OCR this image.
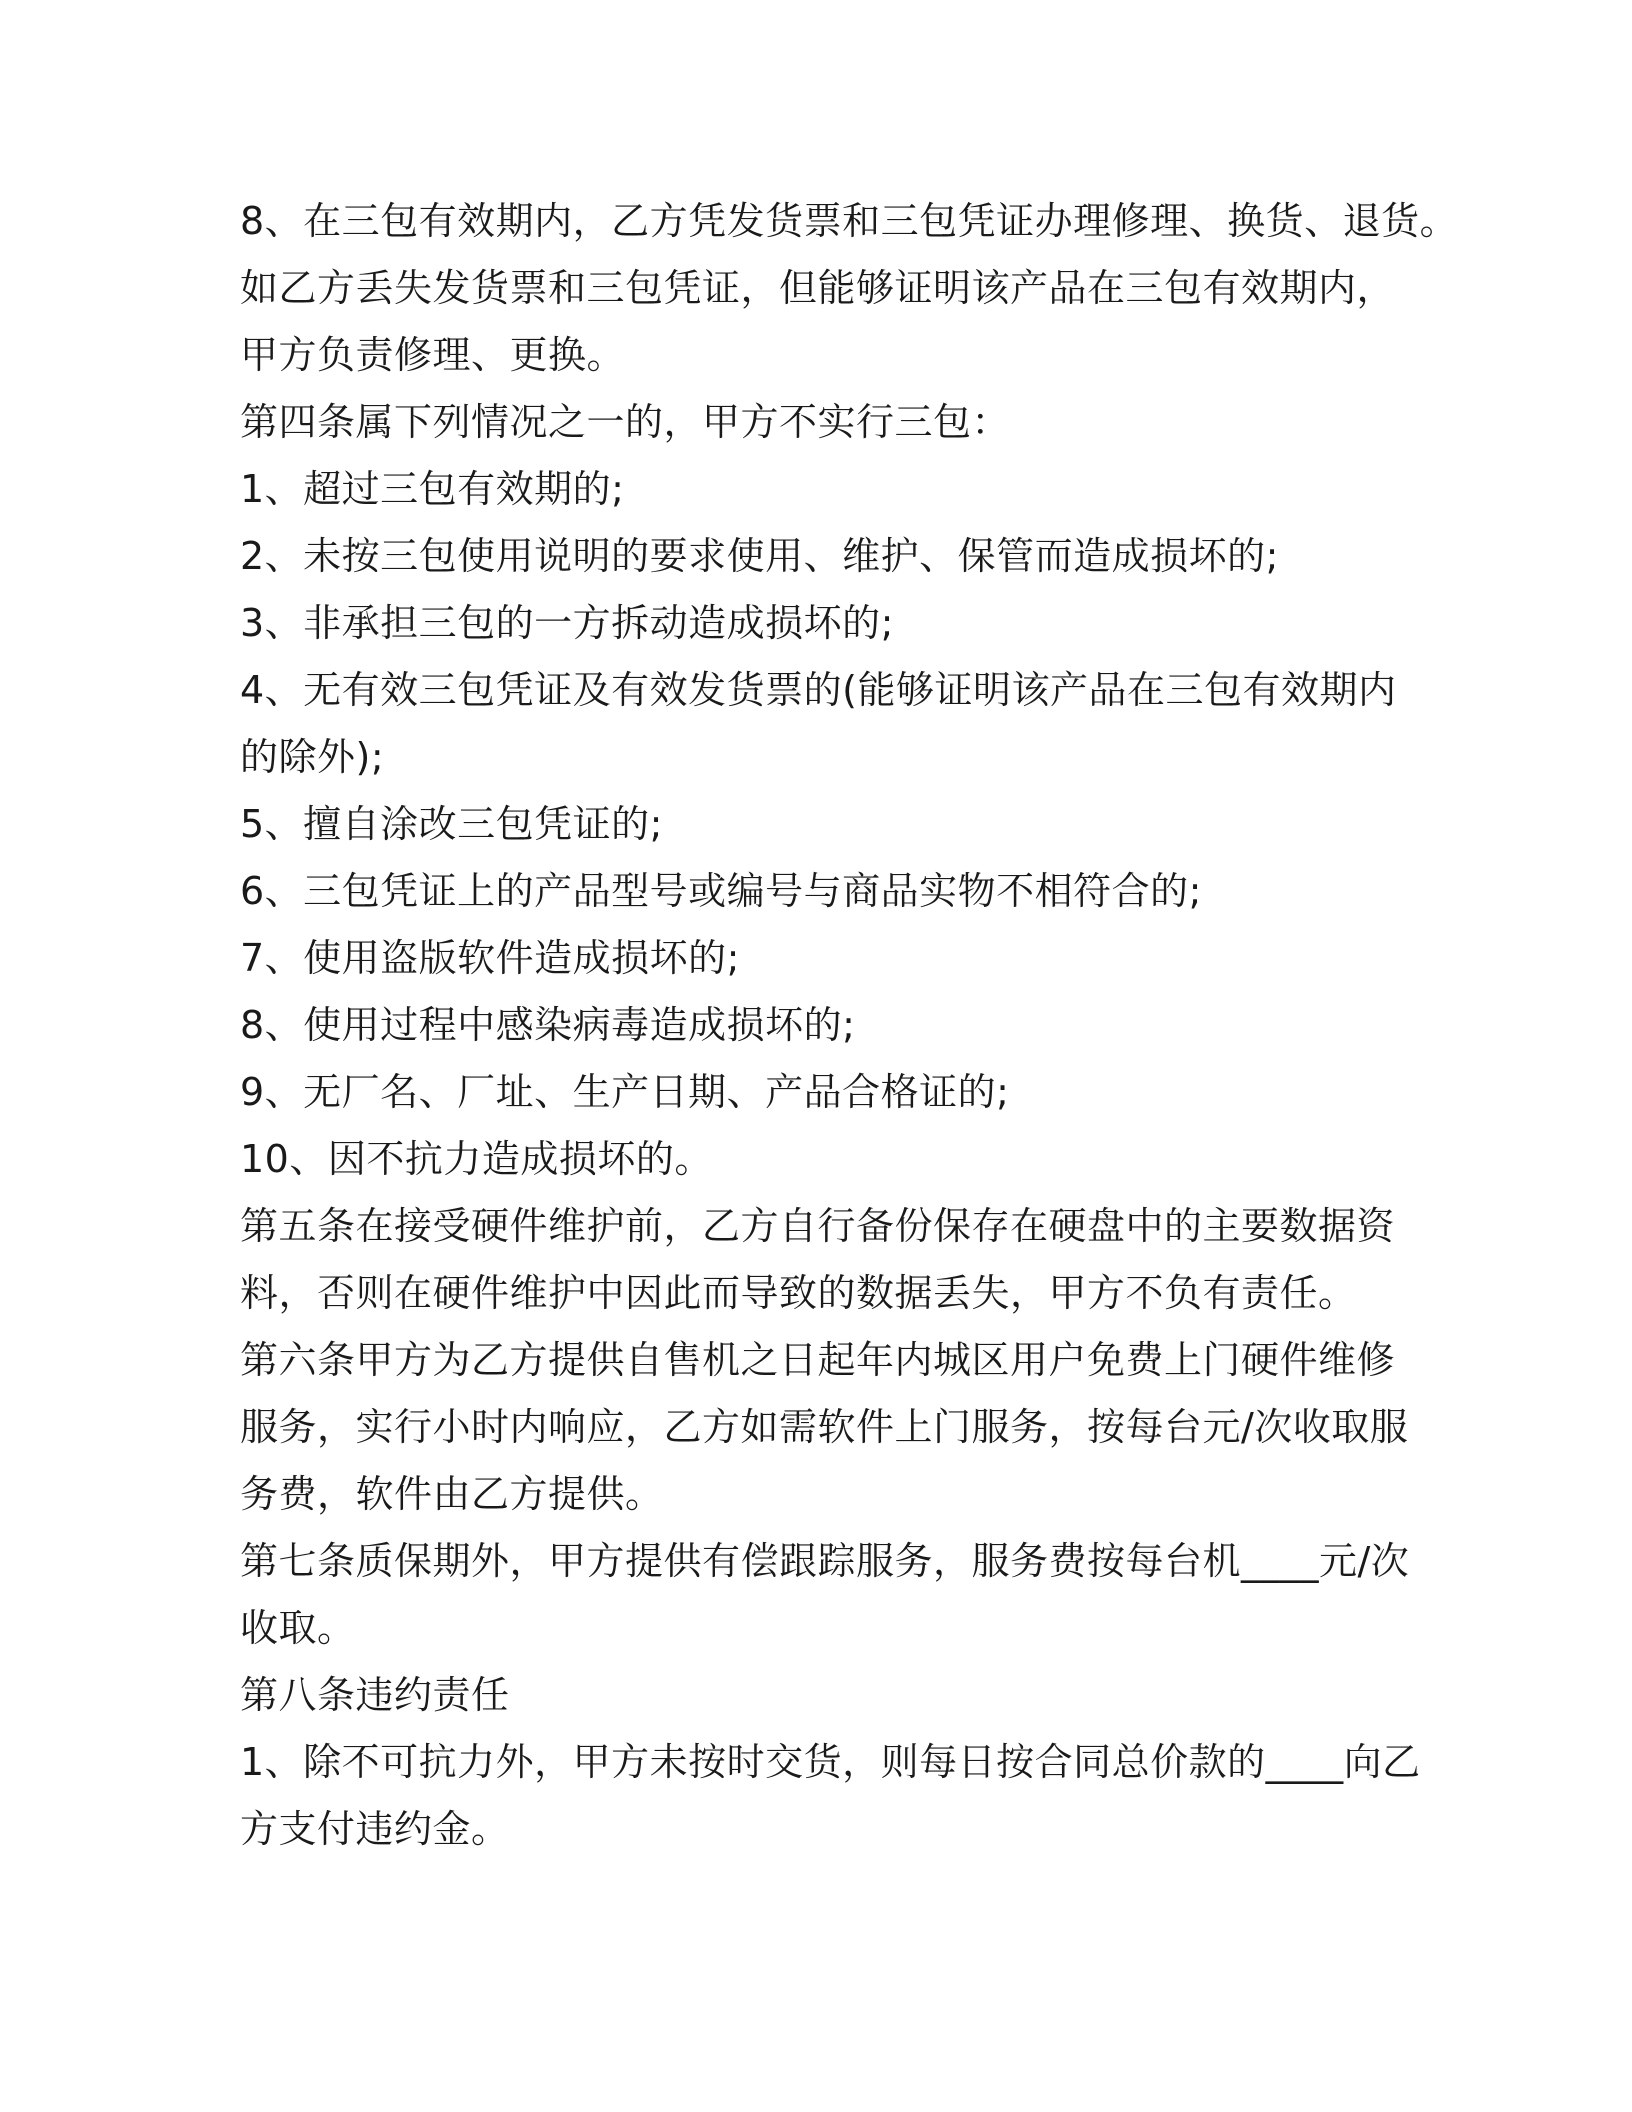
8、在三包有效期内，乙方凭发货票和三包凭证办理修理、换货、退货。
如乙方丢失发货票和三包凭证，但能够证明该产品在三包有效期内，
甲方负责修理、更换。
第四条属下列情况之一的，甲方不实行三包：
1、超过三包有效期的;
2、未按三包使用说明的要求使用、维护、保管而造成损坏的;
3、非承担三包的一方拆动造成损坏的;
4、无有效三包凭证及有效发货票的(能够证明该产品在三包有效期内
的除外);
5、擅自涂改三包凭证的;
6、三包凭证上的产品型号或编号与商品实物不相符合的;
7、使用盗版软件造成损坏的;
8、使用过程中感染病毒造成损坏的;
9、无厂名、厂址、生产日期、产品合格证的;
10、因不抗力造成损坏的。
第五条在接受硬件维护前，乙方自行备份保存在硬盘中的主要数据资
料，否则在硬件维护中因此而导致的数据丢失，甲方不负有责任。
第六条甲方为乙方提供自售机之日起年内城区用户免费上门硬件维修
服务，实行小时内响应，乙方如需软件上门服务，按每台元/次收取服
务费，软件由乙方提供。
第七条质保期外，甲方提供有偿跟踪服务，服务费按每台机____元/次
收取。
第八条违约责任
1、除不可抗力外，甲方未按时交货，则每日按合同总价款的____向乙
方支付违约金。
